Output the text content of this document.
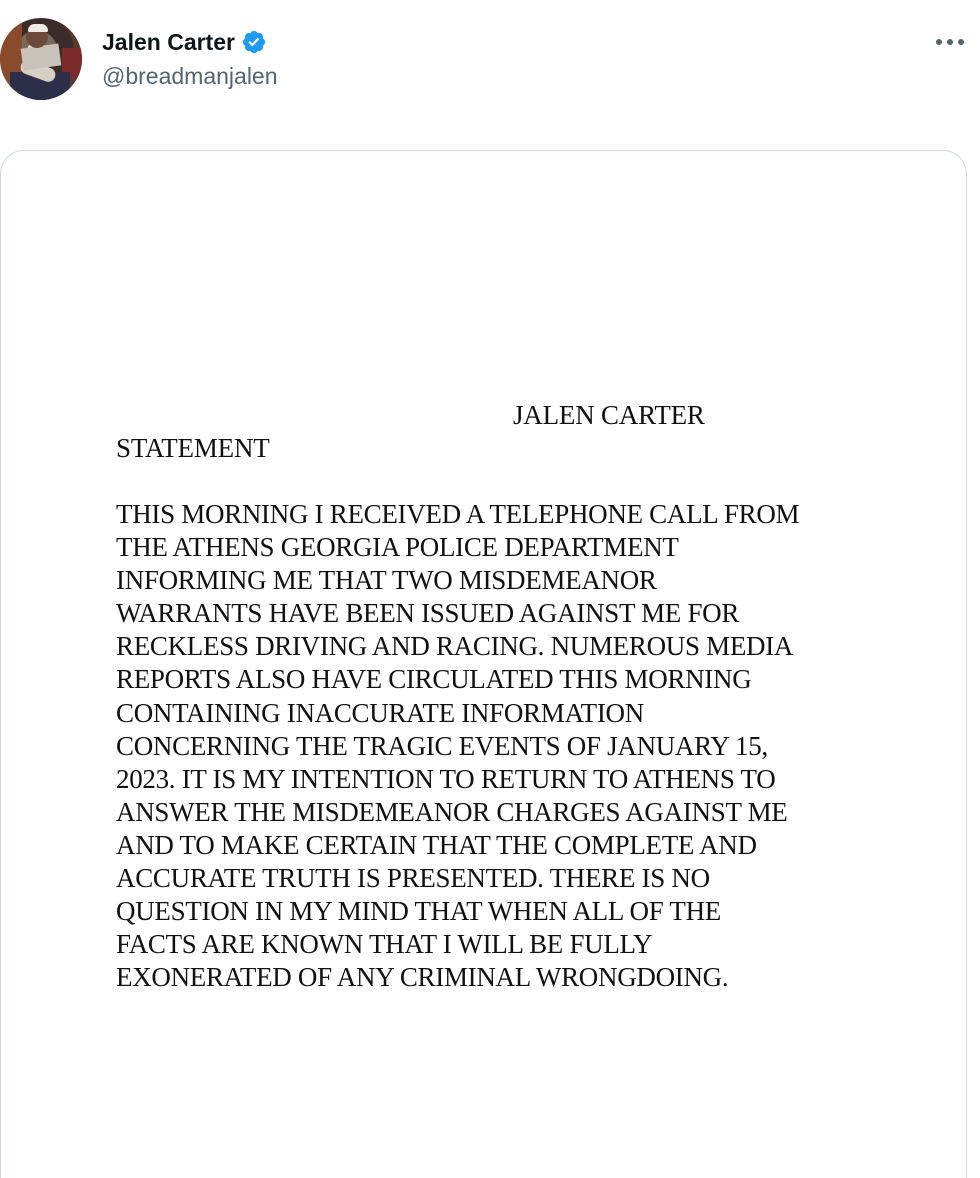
Jalen Carter
@breadmanjalen
JALEN CARTER
STATEMENT
THIS MORNING I RECEIVED A TELEPHONE CALL FROM
THE ATHENS GEORGIA POLICE DEPARTMENT
INFORMING ME THAT TWO MISDEMEANOR
WARRANTS HAVE BEEN ISSUED AGAINST ME FOR
RECKLESS DRIVING AND RACING. NUMEROUS MEDIA
REPORTS ALSO HAVE CIRCULATED THIS MORNING
CONTAINING INACCURATE INFORMATION
CONCERNING THE TRAGIC EVENTS OF JANUARY 15,
2023. IT IS MY INTENTION TO RETURN TO ATHENS TO
ANSWER THE MISDEMEANOR CHARGES AGAINST ME
AND TO MAKE CERTAIN THAT THE COMPLETE AND
ACCURATE TRUTH IS PRESENTED. THERE IS NO
QUESTION IN MY MIND THAT WHEN ALL OF THE
FACTS ARE KNOWN THAT I WILL BE FULLY
EXONERATED OF ANY CRIMINAL WRONGDOING.
